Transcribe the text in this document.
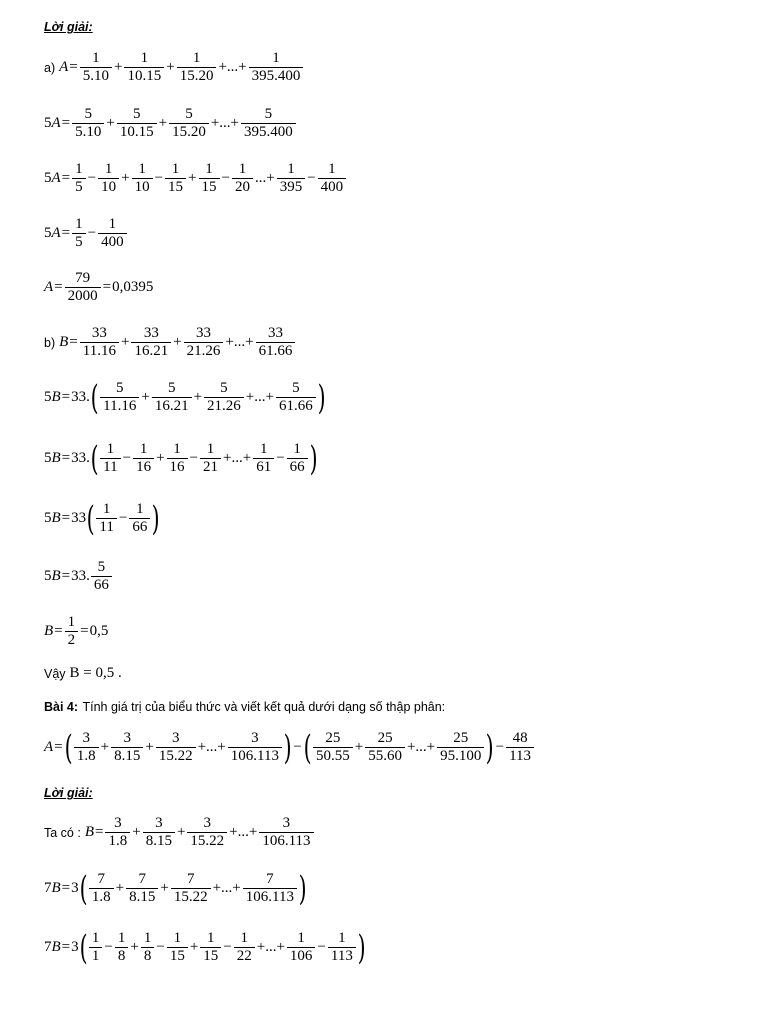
Lời giải:
a) $A = \frac{1}{5.10} + \frac{1}{10.15} + \frac{1}{15.20}$ +...+ $\frac{1}{395.400}$
5 $A = \frac{5}{5.10} + \frac{5}{10.15} + \frac{5}{15.20}$ +...+ $\frac{5}{395.400}$
5 $A = \frac{1}{5} - \frac{1}{10} + \frac{1}{10} - \frac{1}{15} + \frac{1}{15} - \frac{1}{20}$ ...+ $\frac{1}{395} - \frac{1}{400}$
5 $A = \frac{1}{5} - \frac{1}{400}$
$A = \frac{79}{2000} = 0,0395$
b) $B = \frac{33}{11.16} + \frac{33}{16.21} + \frac{33}{21.26}$ +...+ $\frac{33}{61.66}$
5 B = 33. ( $\frac{5}{11.16} + \frac{5}{16.21} + \frac{5}{21.26}$ +...+ $\frac{5}{61.66}$ )
5 B = 33. ( $\frac{1}{11} - \frac{1}{16} + \frac{1}{16} - \frac{1}{21}$ +...+ $\frac{1}{61} - \frac{1}{66}$ )
5 B = 33 ( $\frac{1}{11} - \frac{1}{66}$ )
5 B = 33. $\frac{5}{66}$
$B = \frac{1}{2} = 0,5$
Vậy B = 0,5 .
Bài 4:
Tính giá trị của biểu thức và viết kết quả dưới dạng số thập phân:
A = ( $\frac{3}{1.8} + \frac{3}{8.15} + \frac{3}{15.22}$ +...+ $\frac{3}{106.113}$ ) − ( $\frac{25}{50.55} + \frac{25}{55.60}$ +...+ $\frac{25}{95.100}$ ) − $\frac{48}{113}$
Lời giải:
Ta có : $B = \frac{3}{1.8} + \frac{3}{8.15} + \frac{3}{15.22}$ +...+ $\frac{3}{106.113}$
7 B = 3 ( $\frac{7}{1.8} + \frac{7}{8.15} + \frac{7}{15.22}$ +...+ $\frac{7}{106.113}$ )
7 B = 3 ( $\frac{1}{1} - \frac{1}{8} + \frac{1}{8} - \frac{1}{15} + \frac{1}{15} - \frac{1}{22}$ +...+ $\frac{1}{106} - \frac{1}{113}$ )
